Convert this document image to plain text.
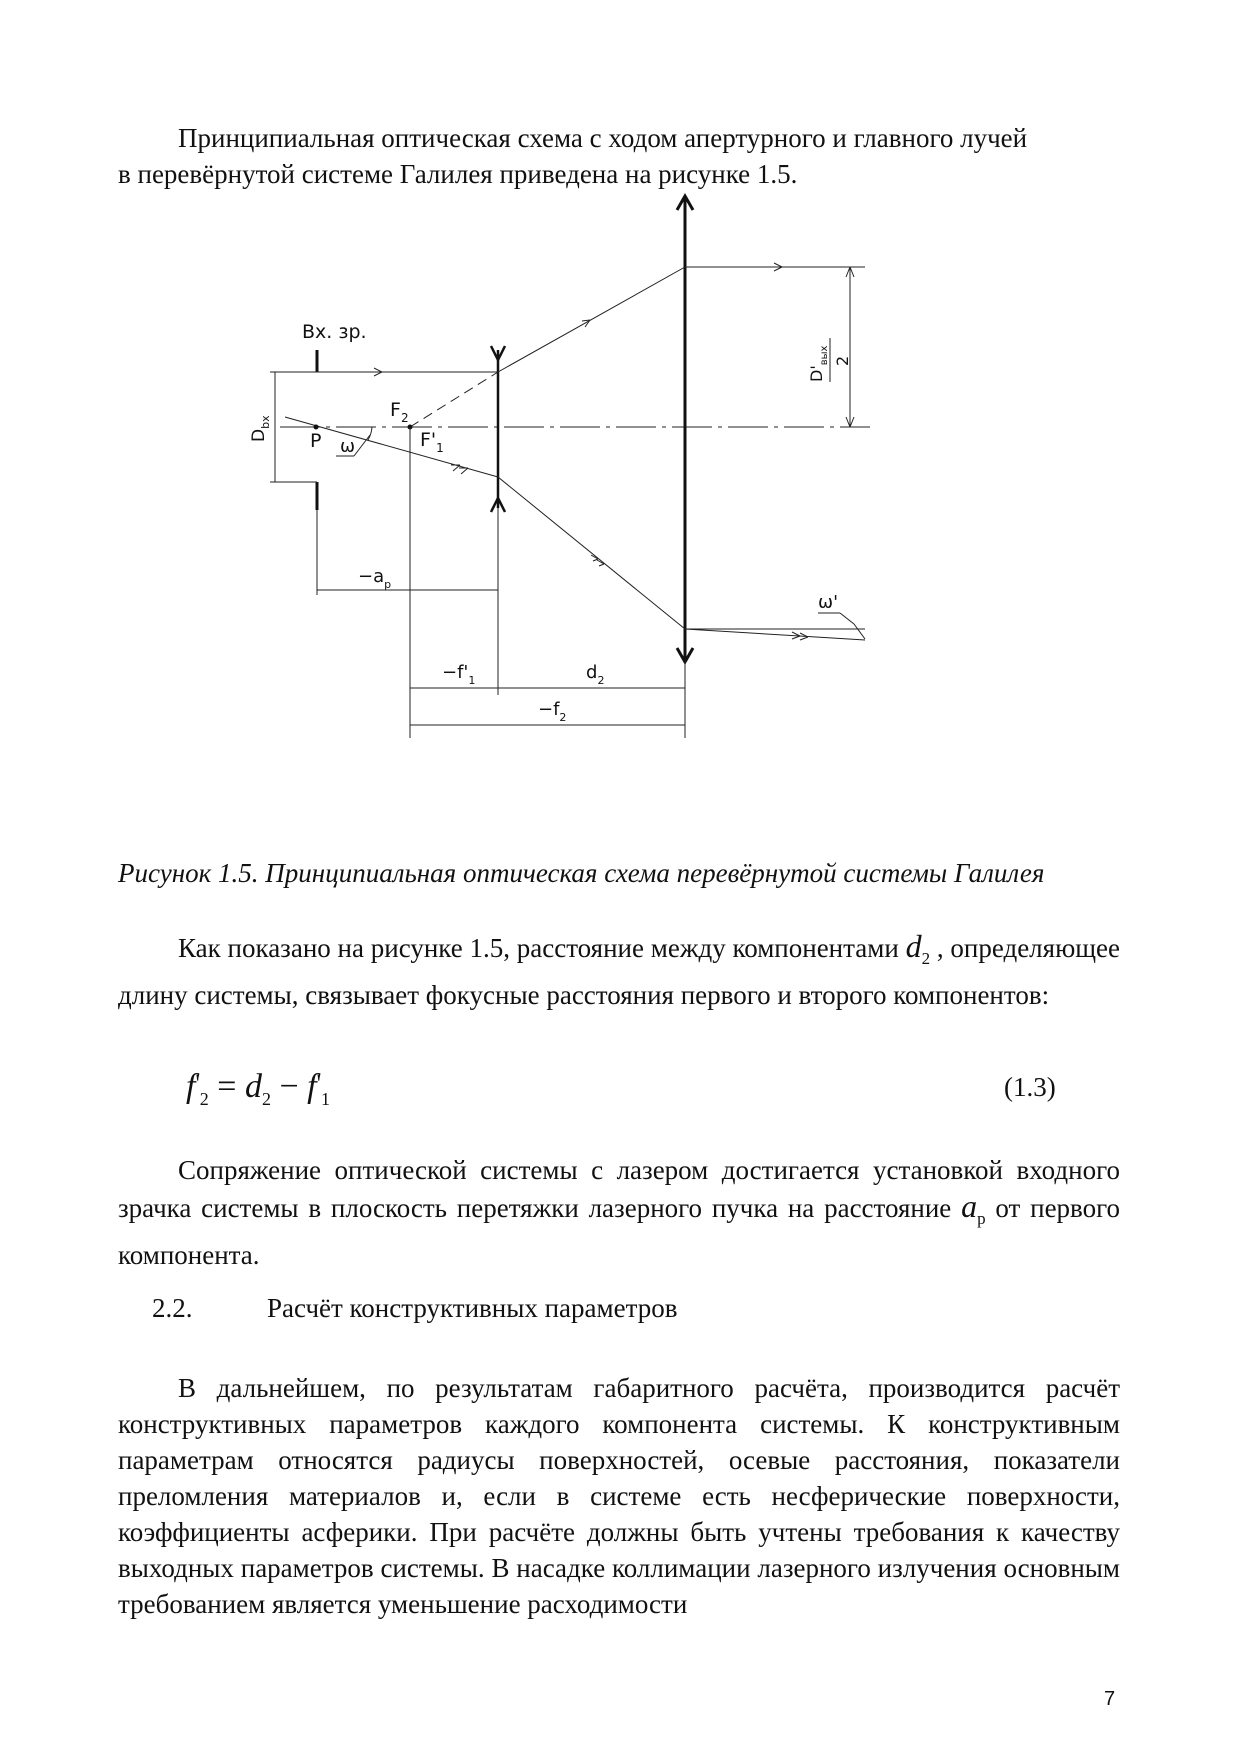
Принципиальная оптическая схема с ходом апертурного и главного лучей
в перевёрнутой системе Галилея приведена на рисунке 1.5.

Вх. зр.
ω
ω'
P
$F_2$
$F'_1$
$D_{bx}$
$D'_{вых}$ 2
$-a_p$
$-f'_1$	$d_2$
$-f_2$
Рисунок 1.5. Принципиальная оптическая схема перевёрнутой системы Галилея

Как показано на рисунке 1.5, расстояние между компонентами $d_2$ , определяющее длину системы, связывает фокусные расстояния первого и второго компонентов:

$f'_2 = d_2 - f'_1$	(1.3)

Сопряжение оптической системы с лазером достигается установкой входного зрачка системы в плоскость перетяжки лазерного пучка на расстояние $a_p$ от первого компонента.

2.2.	Расчёт конструктивных параметров

В дальнейшем, по результатам габаритного расчёта, производится расчёт конструктивных параметров каждого компонента системы. К конструктивным параметрам относятся радиусы поверхностей, осевые расстояния, показатели преломления материалов и, если в системе есть несферические поверхности, коэффициенты асферики. При расчёте должны быть учтены требования к качеству выходных параметров системы. В насадке коллимации лазерного излучения основным требованием является уменьшение расходимости

7
